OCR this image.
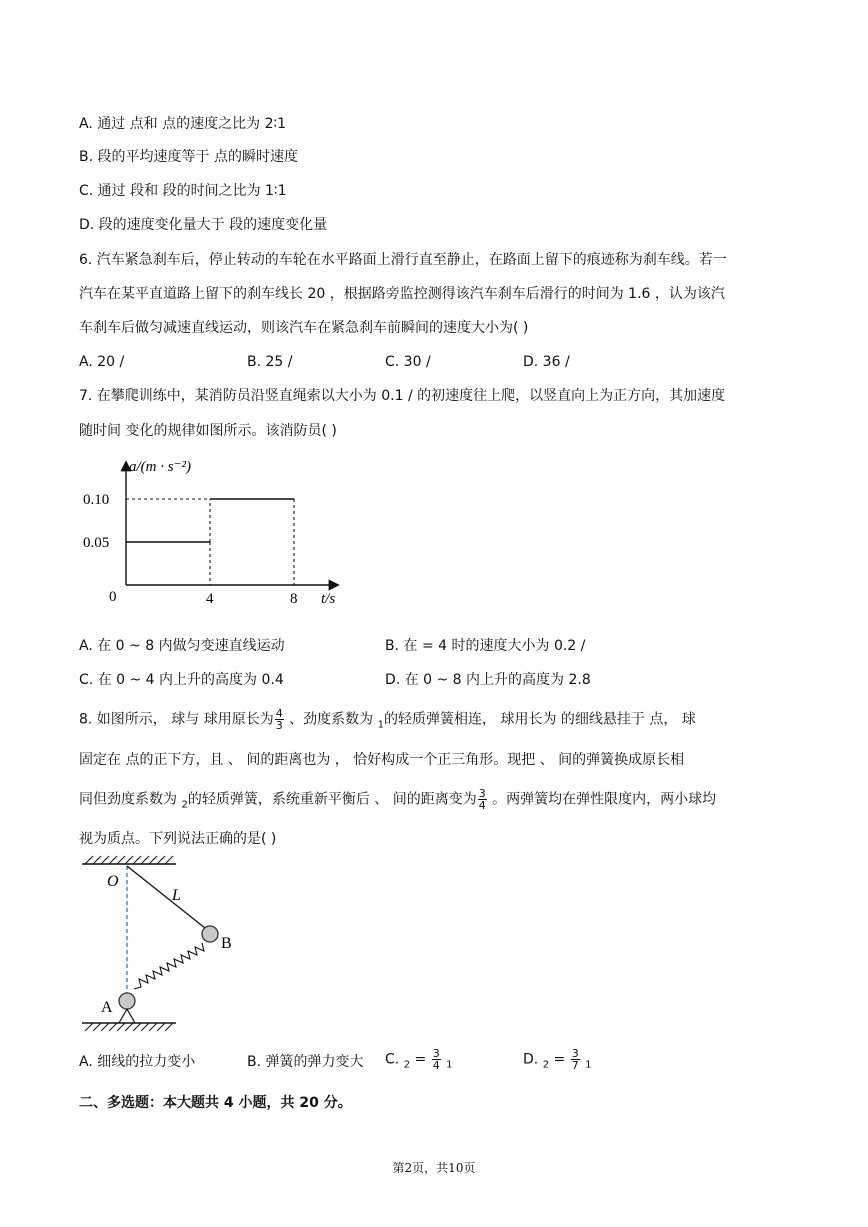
A. 通过 点和 点的速度之比为 2∶1
B. 段的平均速度等于 点的瞬时速度
C. 通过 段和 段的时间之比为 1∶1
D. 段的速度变化量大于 段的速度变化量
6. 汽车紧急刹车后，停止转动的车轮在水平路面上滑行直至静止，在路面上留下的痕迹称为刹车线。若一
汽车在某平直道路上留下的刹车线长 20 ，根据路旁监控测得该汽车刹车后滑行的时间为 1.6 ，认为该汽
车刹车后做匀减速直线运动，则该汽车在紧急刹车前瞬间的速度大小为( )
A. 20 /	B. 25 /	C. 30 /	D. 36 /
7. 在攀爬训练中，某消防员沿竖直绳索以大小为 0.1 / 的初速度往上爬，以竖直向上为正方向，其加速度
随时间 变化的规律如图所示。该消防员( )
a/(m · s⁻²)
t/s
0
0.05
0.10
4	8
A. 在 0 ~ 8 内做匀变速直线运动	B. 在 = 4 时的速度大小为 0.2 /
C. 在 0 ~ 4 内上升的高度为 0.4	D. 在 0 ~ 8 内上升的高度为 2.8
8. 如图所示， 球与 球用原长为 $\frac{4}{3}$ 、劲度系数为 $_1$的轻质弹簧相连， 球用长为 的细线悬挂于 点， 球
固定在 点的正下方，且 、 间的距离也为 ， 恰好构成一个正三角形。现把 、 间的弹簧换成原长相
同但劲度系数为 $_2$的轻质弹簧，系统重新平衡后 、 间的距离变为 $\frac{3}{4}$ 。两弹簧均在弹性限度内，两小球均
视为质点。下列说法正确的是( )
O
L
B
A
A. 细线的拉力变小	B. 弹簧的弹力变大 C. $_2 = \frac{3}{4} _1$	D. $_2 = \frac{3}{7} _1$
二、多选题：本大题共 4 小题，共 20 分。
第2页，共10页
